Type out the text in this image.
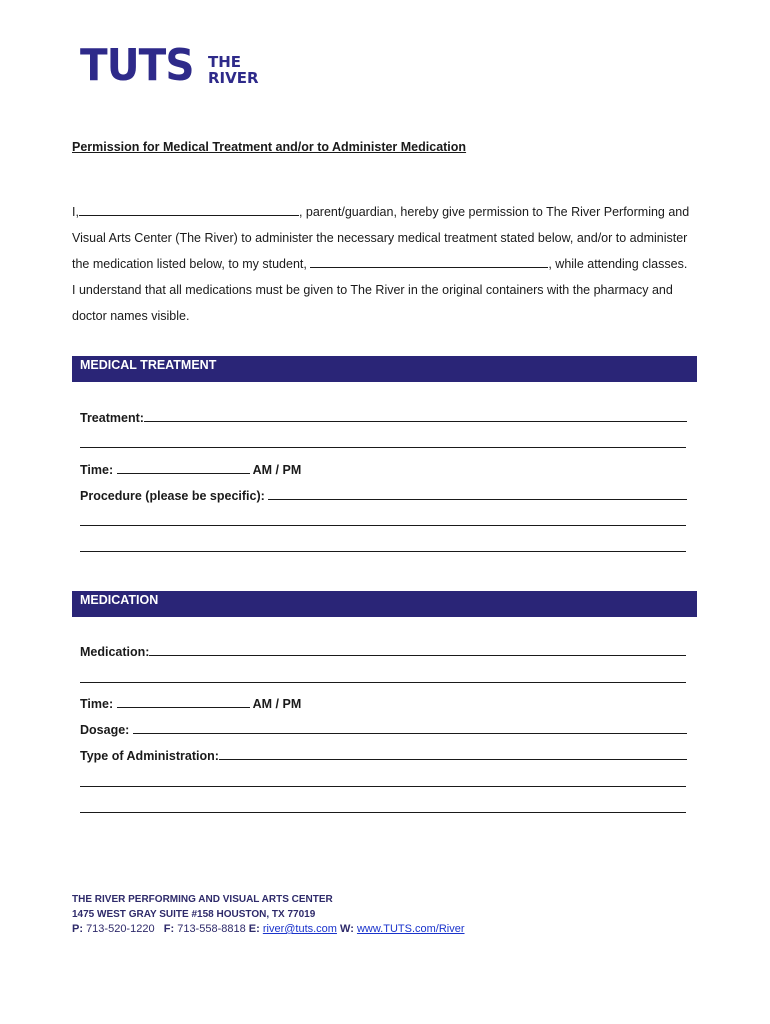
TUTS THE
RIVER
Permission for Medical Treatment and/or to Administer Medication
I,	, parent/guardian, hereby give permission to The River Performing and
Visual Arts Center (The River) to administer the necessary medical treatment stated below, and/or to administer
the medication listed below, to my student,	, while attending classes.
I understand that all medications must be given to The River in the original containers with the pharmacy and
doctor names visible.
MEDICAL TREATMENT
Treatment:
Time:	AM / PM
Procedure (please be specific):
MEDICATION
Medication:
Time:	AM / PM
Dosage:
Type of Administration:
THE RIVER PERFORMING AND VISUAL ARTS CENTER
1475 WEST GRAY SUITE #158 HOUSTON, TX 77019
P: 713-520-1220 F: 713-558-8818 E: river@tuts.com W: www.TUTS.com/River
